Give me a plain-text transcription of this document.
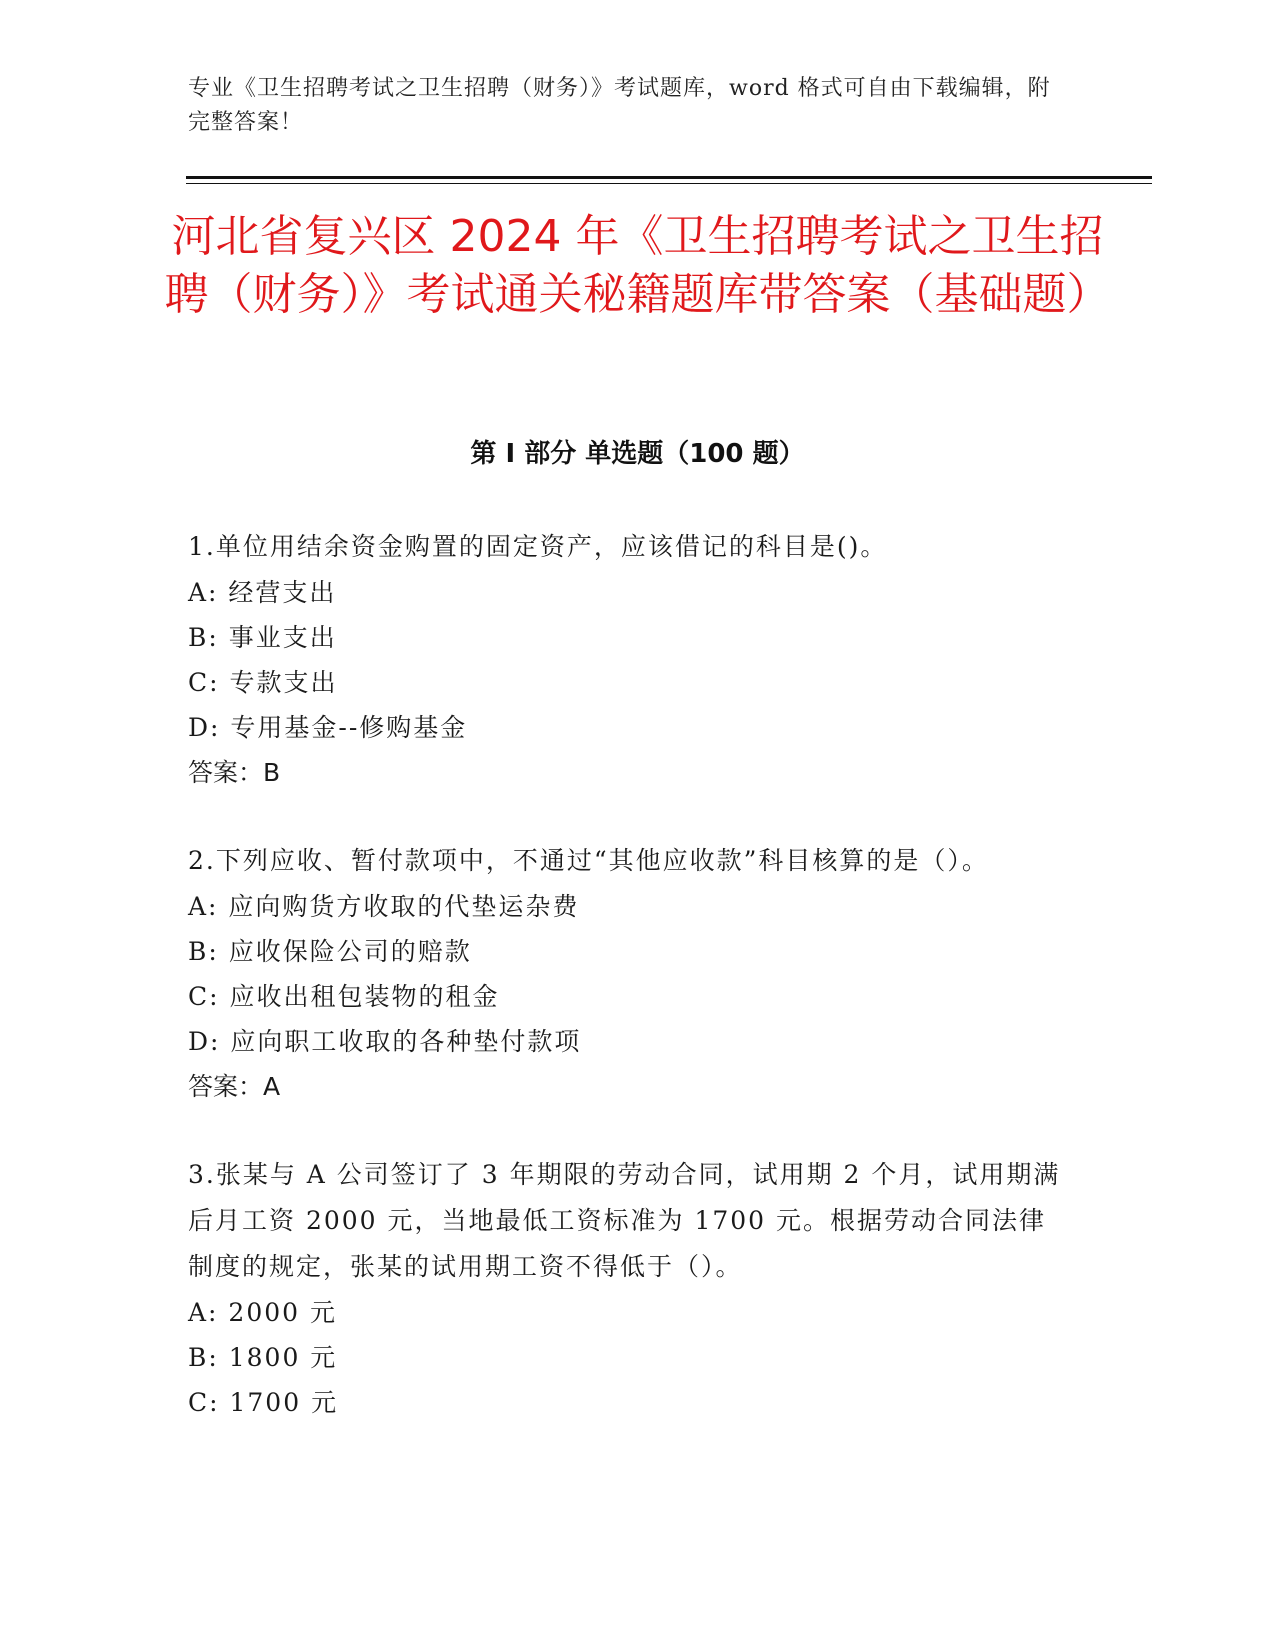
专业《卫生招聘考试之卫生招聘（财务）》考试题库，word 格式可自由下载编辑，附完整答案！
河北省复兴区 2024 年《卫生招聘考试之卫生招聘（财务）》考试通关秘籍题库带答案（基础题）
第 I 部分 单选题（100 题）

1.单位用结余资金购置的固定资产，应该借记的科目是()。

A: 经营支出

B: 事业支出

C: 专款支出

D: 专用基金--修购基金

答案：B

2.下列应收、暂付款项中，不通过“其他应收款”科目核算的是（）。

A: 应向购货方收取的代垫运杂费

B: 应收保险公司的赔款

C: 应收出租包装物的租金

D: 应向职工收取的各种垫付款项

答案：A

3.张某与 A 公司签订了 3 年期限的劳动合同，试用期 2 个月，试用期满后月工资 2000 元，当地最低工资标准为 1700 元。根据劳动合同法律制度的规定，张某的试用期工资不得低于（）。

A: 2000 元

B: 1800 元

C: 1700 元
